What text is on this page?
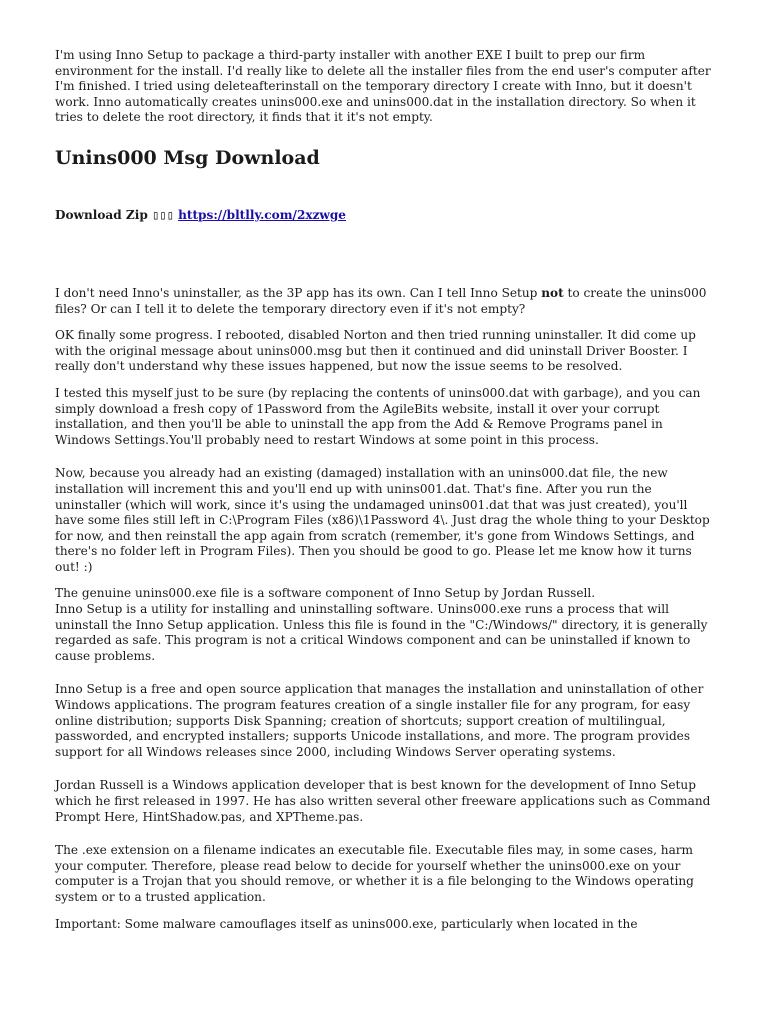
I'm using Inno Setup to package a third-party installer with another EXE I built to prep our firm environment for the install. I'd really like to delete all the installer files from the end user's computer after I'm finished. I tried using deleteafterinstall on the temporary directory I create with Inno, but it doesn't work. Inno automatically creates unins000.exe and unins000.dat in the installation directory. So when it tries to delete the root directory, it finds that it it's not empty.

Unins000 Msg Download
Download Zip ▯▯▯ https://bltlly.com/2xzwge

I don't need Inno's uninstaller, as the 3P app has its own. Can I tell Inno Setup not to create the unins000 files? Or can I tell it to delete the temporary directory even if it's not empty?

OK finally some progress. I rebooted, disabled Norton and then tried running uninstaller. It did come up with the original message about unins000.msg but then it continued and did uninstall Driver Booster. I really don't understand why these issues happened, but now the issue seems to be resolved.

I tested this myself just to be sure (by replacing the contents of unins000.dat with garbage), and you can simply download a fresh copy of 1Password from the AgileBits website, install it over your corrupt installation, and then you'll be able to uninstall the app from the Add & Remove Programs panel in Windows Settings.You'll probably need to restart Windows at some point in this process.

Now, because you already had an existing (damaged) installation with an unins000.dat file, the new installation will increment this and you'll end up with unins001.dat. That's fine. After you run the uninstaller (which will work, since it's using the undamaged unins001.dat that was just created), you'll have some files still left in C:\Program Files (x86)\1Password 4\. Just drag the whole thing to your Desktop for now, and then reinstall the app again from scratch (remember, it's gone from Windows Settings, and there's no folder left in Program Files). Then you should be good to go. Please let me know how it turns out! :)

The genuine unins000.exe file is a software component of Inno Setup by Jordan Russell.
Inno Setup is a utility for installing and uninstalling software. Unins000.exe runs a process that will uninstall the Inno Setup application. Unless this file is found in the "C:/Windows/" directory, it is generally regarded as safe. This program is not a critical Windows component and can be uninstalled if known to cause problems.

Inno Setup is a free and open source application that manages the installation and uninstallation of other Windows applications. The program features creation of a single installer file for any program, for easy online distribution; supports Disk Spanning; creation of shortcuts; support creation of multilingual, passworded, and encrypted installers; supports Unicode installations, and more. The program provides support for all Windows releases since 2000, including Windows Server operating systems.

Jordan Russell is a Windows application developer that is best known for the development of Inno Setup which he first released in 1997. He has also written several other freeware applications such as Command Prompt Here, HintShadow.pas, and XPTheme.pas.

The .exe extension on a filename indicates an executable file. Executable files may, in some cases, harm your computer. Therefore, please read below to decide for yourself whether the unins000.exe on your computer is a Trojan that you should remove, or whether it is a file belonging to the Windows operating system or to a trusted application.

Important: Some malware camouflages itself as unins000.exe, particularly when located in the
